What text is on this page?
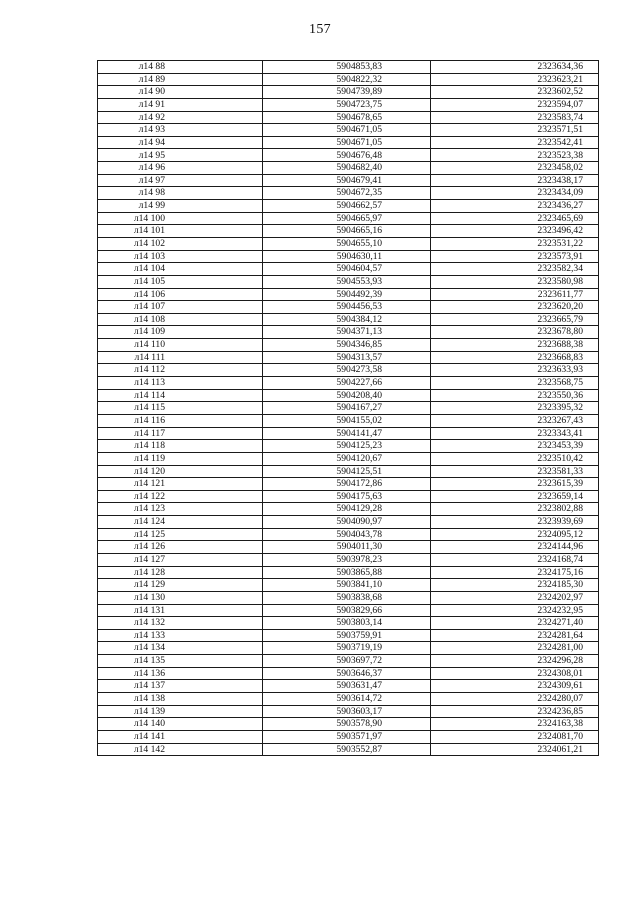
157
л14 88	5904853,83	2323634,36
л14 89	5904822,32	2323623,21
л14 90	5904739,89	2323602,52
л14 91	5904723,75	2323594,07
л14 92	5904678,65	2323583,74
л14 93	5904671,05	2323571,51
л14 94	5904671,05	2323542,41
л14 95	5904676,48	2323523,38
л14 96	5904682,40	2323458,02
л14 97	5904679,41	2323438,17
л14 98	5904672,35	2323434,09
л14 99	5904662,57	2323436,27
л14 100	5904665,97	2323465,69
л14 101	5904665,16	2323496,42
л14 102	5904655,10	2323531,22
л14 103	5904630,11	2323573,91
л14 104	5904604,57	2323582,34
л14 105	5904553,93	2323580,98
л14 106	5904492,39	2323611,77
л14 107	5904456,53	2323620,20
л14 108	5904384,12	2323665,79
л14 109	5904371,13	2323678,80
л14 110	5904346,85	2323688,38
л14 111	5904313,57	2323668,83
л14 112	5904273,58	2323633,93
л14 113	5904227,66	2323568,75
л14 114	5904208,40	2323550,36
л14 115	5904167,27	2323395,32
л14 116	5904155,02	2323267,43
л14 117	5904141,47	2323343,41
л14 118	5904125,23	2323453,39
л14 119	5904120,67	2323510,42
л14 120	5904125,51	2323581,33
л14 121	5904172,86	2323615,39
л14 122	5904175,63	2323659,14
л14 123	5904129,28	2323802,88
л14 124	5904090,97	2323939,69
л14 125	5904043,78	2324095,12
л14 126	5904011,30	2324144,96
л14 127	5903978,23	2324168,74
л14 128	5903865,88	2324175,16
л14 129	5903841,10	2324185,30
л14 130	5903838,68	2324202,97
л14 131	5903829,66	2324232,95
л14 132	5903803,14	2324271,40
л14 133	5903759,91	2324281,64
л14 134	5903719,19	2324281,00
л14 135	5903697,72	2324296,28
л14 136	5903646,37	2324308,01
л14 137	5903631,47	2324309,61
л14 138	5903614,72	2324280,07
л14 139	5903603,17	2324236,85
л14 140	5903578,90	2324163,38
л14 141	5903571,97	2324081,70
л14 142	5903552,87	2324061,21
